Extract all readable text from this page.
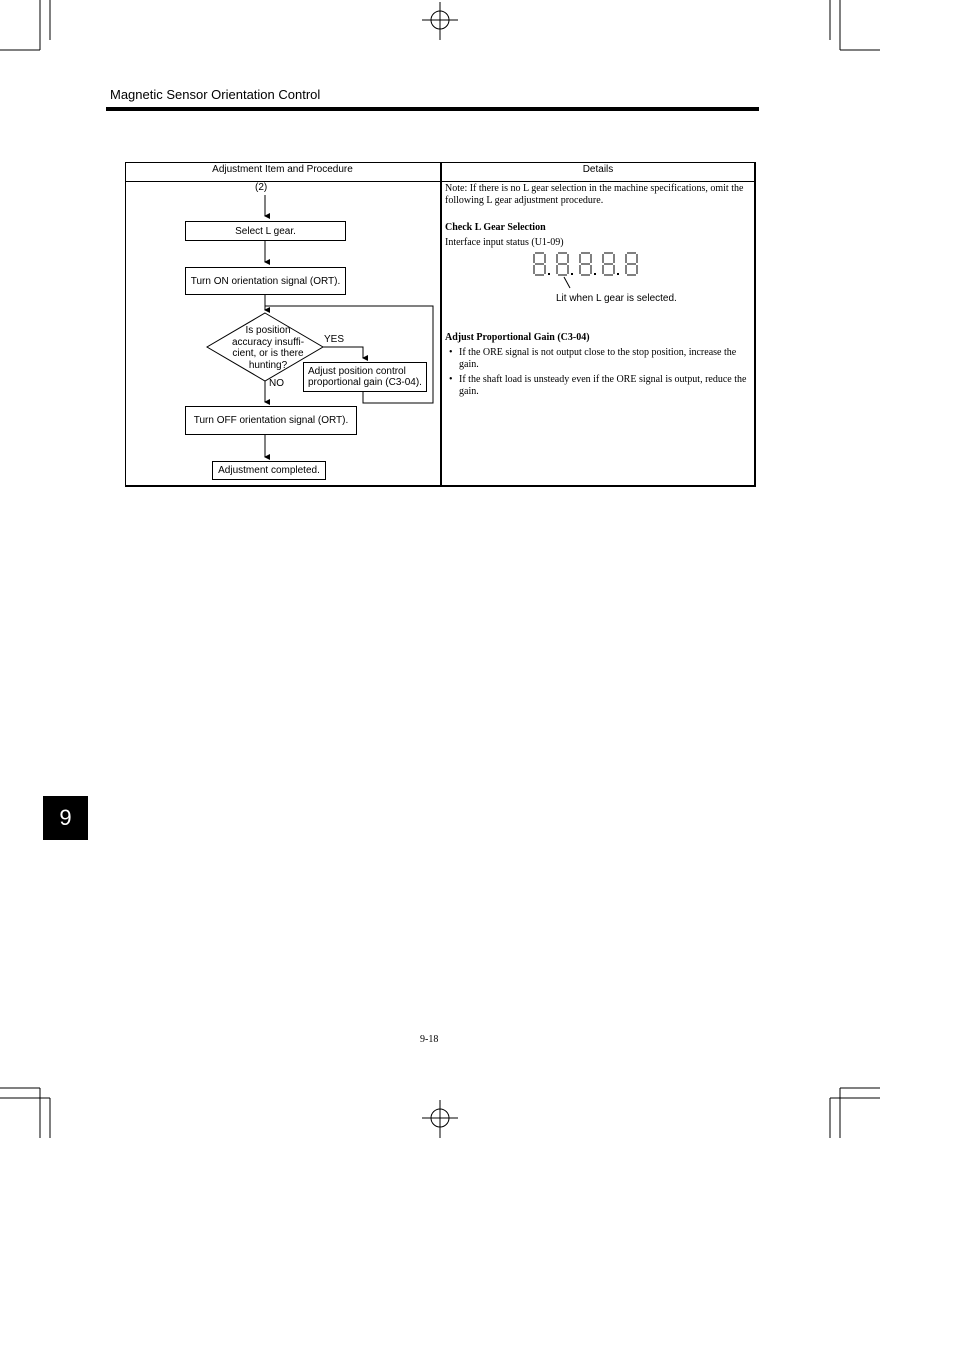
Magnetic Sensor Orientation Control
Adjustment Item and Procedure	Details
(2)
Select L gear.
Turn ON orientation signal (ORT).
Is position
accuracy insuffi-
cient, or is there
hunting?
YES
NO
Adjust position control
proportional gain (C3-04).
Turn OFF orientation signal (ORT).
Adjustment completed.

Note: If there is no L gear selection in the machine specifications, omit the following L gear adjustment procedure.

Check L Gear Selection

Interface input status (U1-09)

Lit when L gear is selected.

Adjust Proportional Gain (C3-04)

• If the ORE signal is not output close to the stop position, increase the gain.
• If the shaft load is unsteady even if the ORE signal is output, reduce the gain.
9
9-18
